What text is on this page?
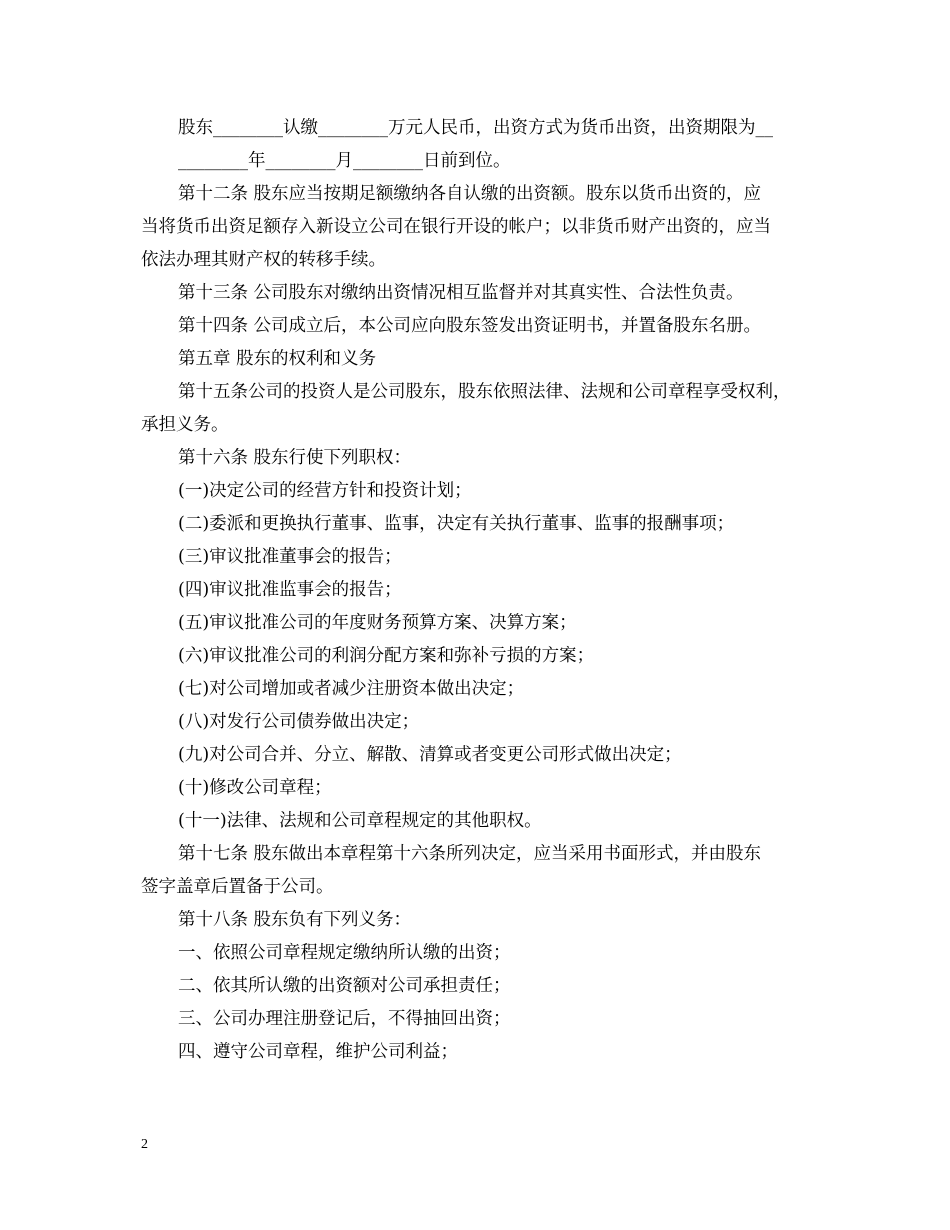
股东________认缴________万元人民币，出资方式为货币出资，出资期限为__
________年________月________日前到位。
第十二条 股东应当按期足额缴纳各自认缴的出资额。股东以货币出资的，应
当将货币出资足额存入新设立公司在银行开设的帐户；以非货币财产出资的，应当
依法办理其财产权的转移手续。
第十三条 公司股东对缴纳出资情况相互监督并对其真实性、合法性负责。
第十四条 公司成立后，本公司应向股东签发出资证明书，并置备股东名册。
第五章 股东的权利和义务
第十五条公司的投资人是公司股东，股东依照法律、法规和公司章程享受权利，
承担义务。
第十六条 股东行使下列职权：
(一)决定公司的经营方针和投资计划；
(二)委派和更换执行董事、监事，决定有关执行董事、监事的报酬事项；
(三)审议批准董事会的报告；
(四)审议批准监事会的报告；
(五)审议批准公司的年度财务预算方案、决算方案；
(六)审议批准公司的利润分配方案和弥补亏损的方案；
(七)对公司增加或者减少注册资本做出决定；
(八)对发行公司债券做出决定；
(九)对公司合并、分立、解散、清算或者变更公司形式做出决定；
(十)修改公司章程；
(十一)法律、法规和公司章程规定的其他职权。
第十七条 股东做出本章程第十六条所列决定，应当采用书面形式，并由股东
签字盖章后置备于公司。
第十八条 股东负有下列义务：
一、依照公司章程规定缴纳所认缴的出资；
二、依其所认缴的出资额对公司承担责任；
三、公司办理注册登记后，不得抽回出资；
四、遵守公司章程，维护公司利益；
2
